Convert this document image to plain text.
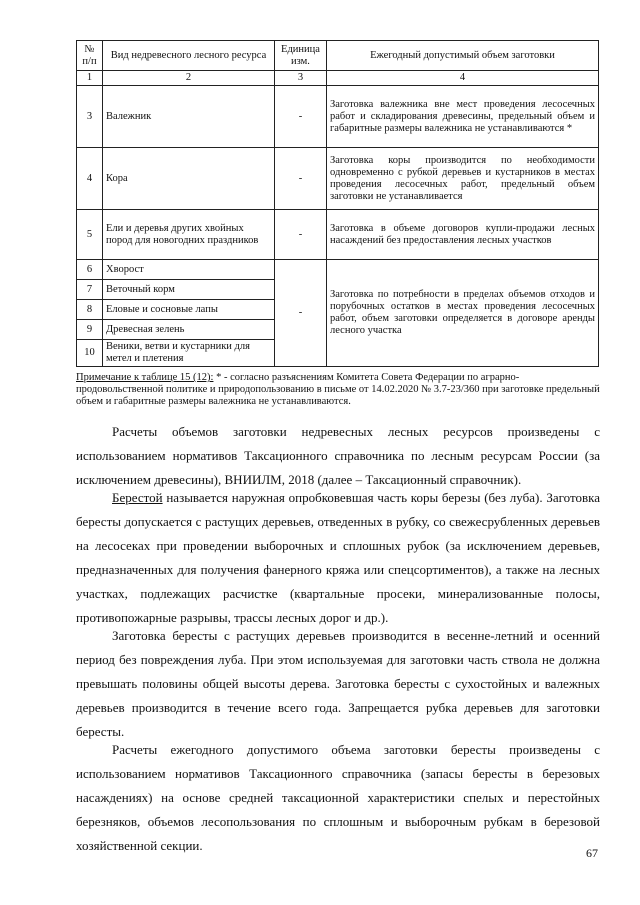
№ п/п	Вид недревесного лесного ресурса	Единица изм.	Ежегодный допустимый объем заготовки
1	2	3	4
3	Валежник	-	Заготовка валежника вне мест проведения лесосечных работ и складирования древесины, предельный объем и габаритные размеры валежника не устанавливаются *
4	Кора	-	Заготовка коры производится по необходимости одновременно с рубкой деревьев и кустарников в местах проведения лесосечных работ, предельный объем заготовки не устанавливается
5	Ели и деревья других хвойных пород для новогодних праздников	-	Заготовка в объеме договоров купли-продажи лесных насаждений без предоставления лесных участков
6	Хворост	-	Заготовка по потребности в пределах объемов отходов и порубочных остатков в местах проведения лесосечных работ, объем заготовки определяется в договоре аренды лесного участка
7	Веточный корм		
8	Еловые и сосновые лапы		
9	Древесная зелень		
10	Веники, ветви и кустарники для метел и плетения		
Примечание к таблице 15 (12): * - согласно разъяснениям Комитета Совета Федерации по аграрно-продовольственной политике и природопользованию в письме от 14.02.2020 № 3.7-23/360 при заготовке предельный объем и габаритные размеры валежника не устанавливаются.

Расчеты объемов заготовки недревесных лесных ресурсов произведены с использованием нормативов Таксационного справочника по лесным ресурсам России (за исключением древесины), ВНИИЛМ, 2018 (далее – Таксационный справочник).

Берестой называется наружная опробковевшая часть коры березы (без луба). Заготовка бересты допускается с растущих деревьев, отведенных в рубку, со свежесрубленных деревьев на лесосеках при проведении выборочных и сплошных рубок (за исключением деревьев, предназначенных для получения фанерного кряжа или спецсортиментов), а также на лесных участках, подлежащих расчистке (квартальные просеки, минерализованные полосы, противопожарные разрывы, трассы лесных дорог и др.).

Заготовка бересты с растущих деревьев производится в весенне-летний и осенний период без повреждения луба. При этом используемая для заготовки часть ствола не должна превышать половины общей высоты дерева. Заготовка бересты с сухостойных и валежных деревьев производится в течение всего года. Запрещается рубка деревьев для заготовки бересты.

Расчеты ежегодного допустимого объема заготовки бересты произведены с использованием нормативов Таксационного справочника (запасы бересты в березовых насаждениях) на основе средней таксационной характеристики спелых и перестойных березняков, объемов лесопользования по сплошным и выборочным рубкам в березовой хозяйственной секции.	67
